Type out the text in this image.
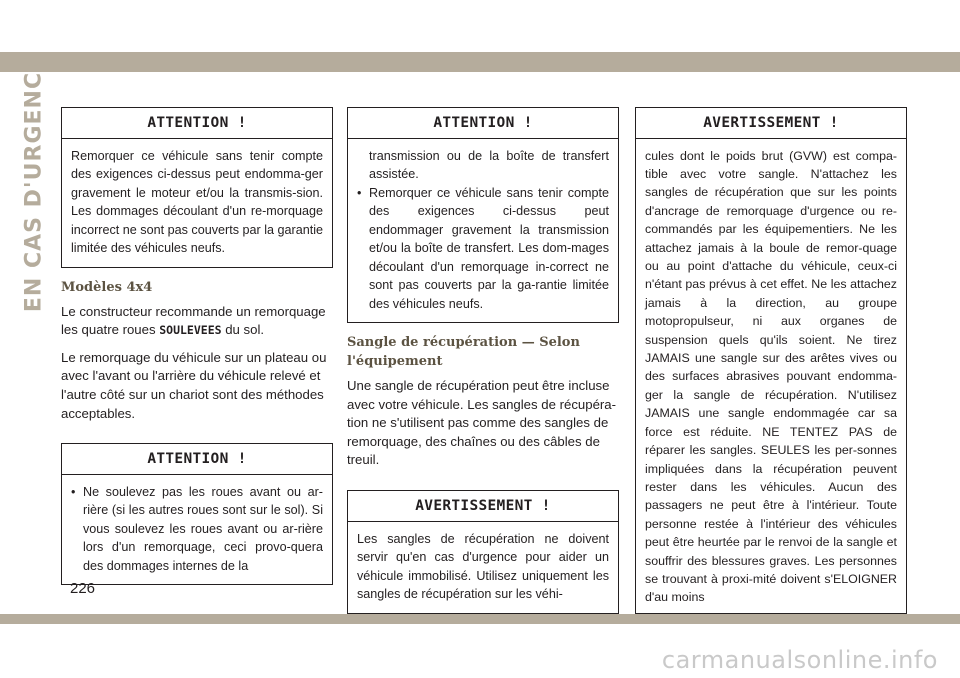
EN CAS D'URGENCE	ATTENTION !
Remorquer ce véhicule sans tenir compte des exigences ci-dessus peut endomma-ger gravement le moteur et/ou la transmis-sion. Les dommages découlant d'un re-morquage incorrect ne sont pas couverts par la garantie limitée des véhicules neufs.
Modèles 4x4

Le constructeur recommande un remorquage les quatre roues SOULEVEES du sol.

Le remorquage du véhicule sur un plateau ou avec l'avant ou l'arrière du véhicule relevé et l'autre côté sur un chariot sont des méthodes acceptables.

ATTENTION !
• Ne soulevez pas les roues avant ou ar-rière (si les autres roues sont sur le sol). Si vous soulevez les roues avant ou ar-rière lors d'un remorquage, ceci provo-quera des dommages internes de la
ATTENTION !
transmission ou de la boîte de transfert assistée.
• Remorquer ce véhicule sans tenir compte des exigences ci-dessus peut endommager gravement la transmission et/ou la boîte de transfert. Les dom-mages découlant d'un remorquage in-correct ne sont pas couverts par la ga-rantie limitée des véhicules neufs.
Sangle de récupération — Selon l'équipement

Une sangle de récupération peut être incluse avec votre véhicule. Les sangles de récupéra-tion ne s'utilisent pas comme des sangles de remorquage, des chaînes ou des câbles de treuil.

AVERTISSEMENT !
Les sangles de récupération ne doivent servir qu'en cas d'urgence pour aider un véhicule immobilisé. Utilisez uniquement les sangles de récupération sur les véhi-
AVERTISSEMENT !
cules dont le poids brut (GVW) est compa-tible avec votre sangle. N'attachez les sangles de récupération que sur les points d'ancrage de remorquage d'urgence ou re-commandés par les équipementiers. Ne les attachez jamais à la boule de remor-quage ou au point d'attache du véhicule, ceux-ci n'étant pas prévus à cet effet. Ne les attachez jamais à la direction, au groupe motopropulseur, ni aux organes de suspension quels qu'ils soient. Ne tirez JAMAIS une sangle sur des arêtes vives ou des surfaces abrasives pouvant endomma-ger la sangle de récupération. N'utilisez JAMAIS une sangle endommagée car sa force est réduite. NE TENTEZ PAS de réparer les sangles. SEULES les per-sonnes impliquées dans la récupération peuvent rester dans les véhicules. Aucun des passagers ne peut être à l'intérieur. Toute personne restée à l'intérieur des véhicules peut être heurtée par le renvoi de la sangle et souffrir des blessures graves. Les personnes se trouvant à proxi-mité doivent s'ELOIGNER d'au moins
226
carmanualsonline.info
